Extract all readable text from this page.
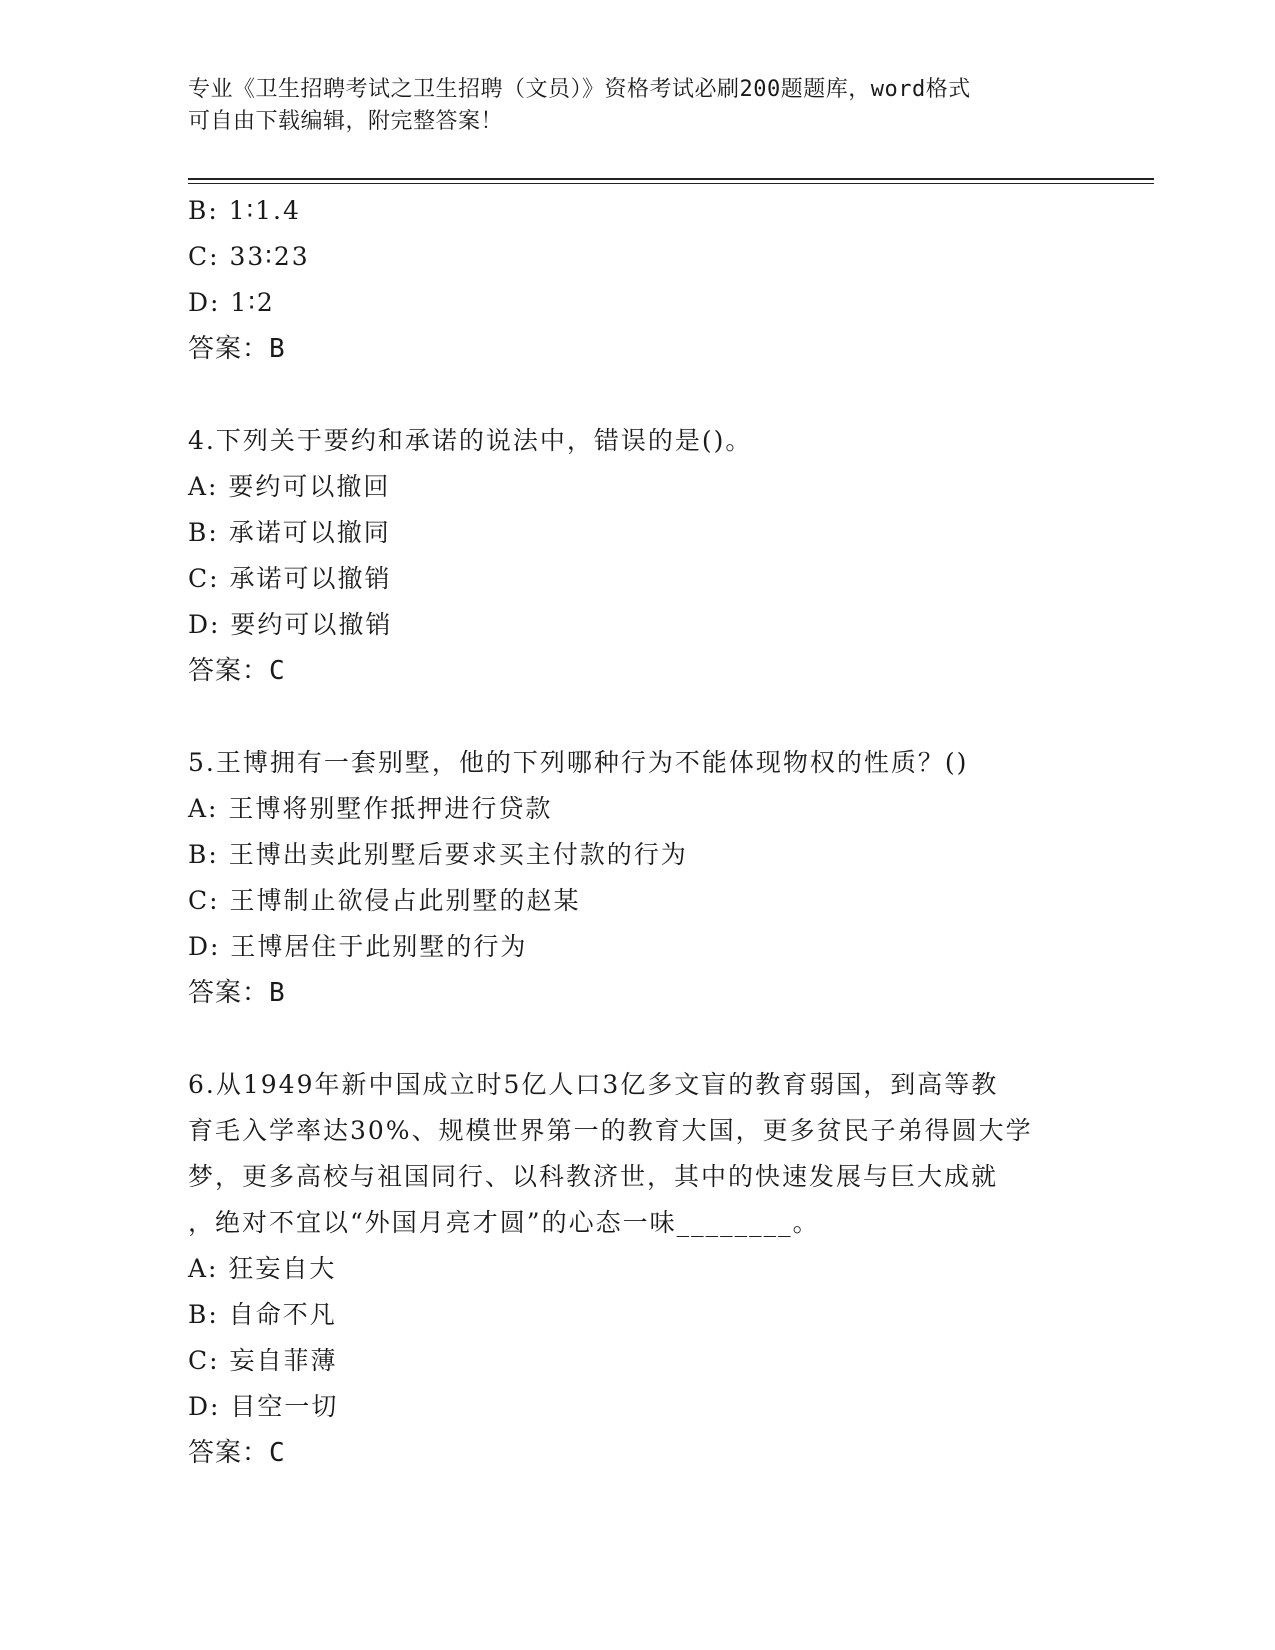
专业《卫生招聘考试之卫生招聘（文员）》资格考试必刷200题题库，word格式
可自由下载编辑，附完整答案！
B: 1∶1.4
C: 33∶23
D: 1∶2
答案：B
4.下列关于要约和承诺的说法中，错误的是()。
A: 要约可以撤回
B: 承诺可以撤同
C: 承诺可以撤销
D: 要约可以撤销
答案：C
5.王博拥有一套别墅，他的下列哪种行为不能体现物权的性质？()
A: 王博将别墅作抵押进行贷款
B: 王博出卖此别墅后要求买主付款的行为
C: 王博制止欲侵占此别墅的赵某
D: 王博居住于此别墅的行为
答案：B
6.从1949年新中国成立时5亿人口3亿多文盲的教育弱国，到高等教
育毛入学率达30%、规模世界第一的教育大国，更多贫民子弟得圆大学
梦，更多高校与祖国同行、以科教济世，其中的快速发展与巨大成就
，绝对不宜以“外国月亮才圆”的心态一味________。
A: 狂妄自大
B: 自命不凡
C: 妄自菲薄
D: 目空一切
答案：C
